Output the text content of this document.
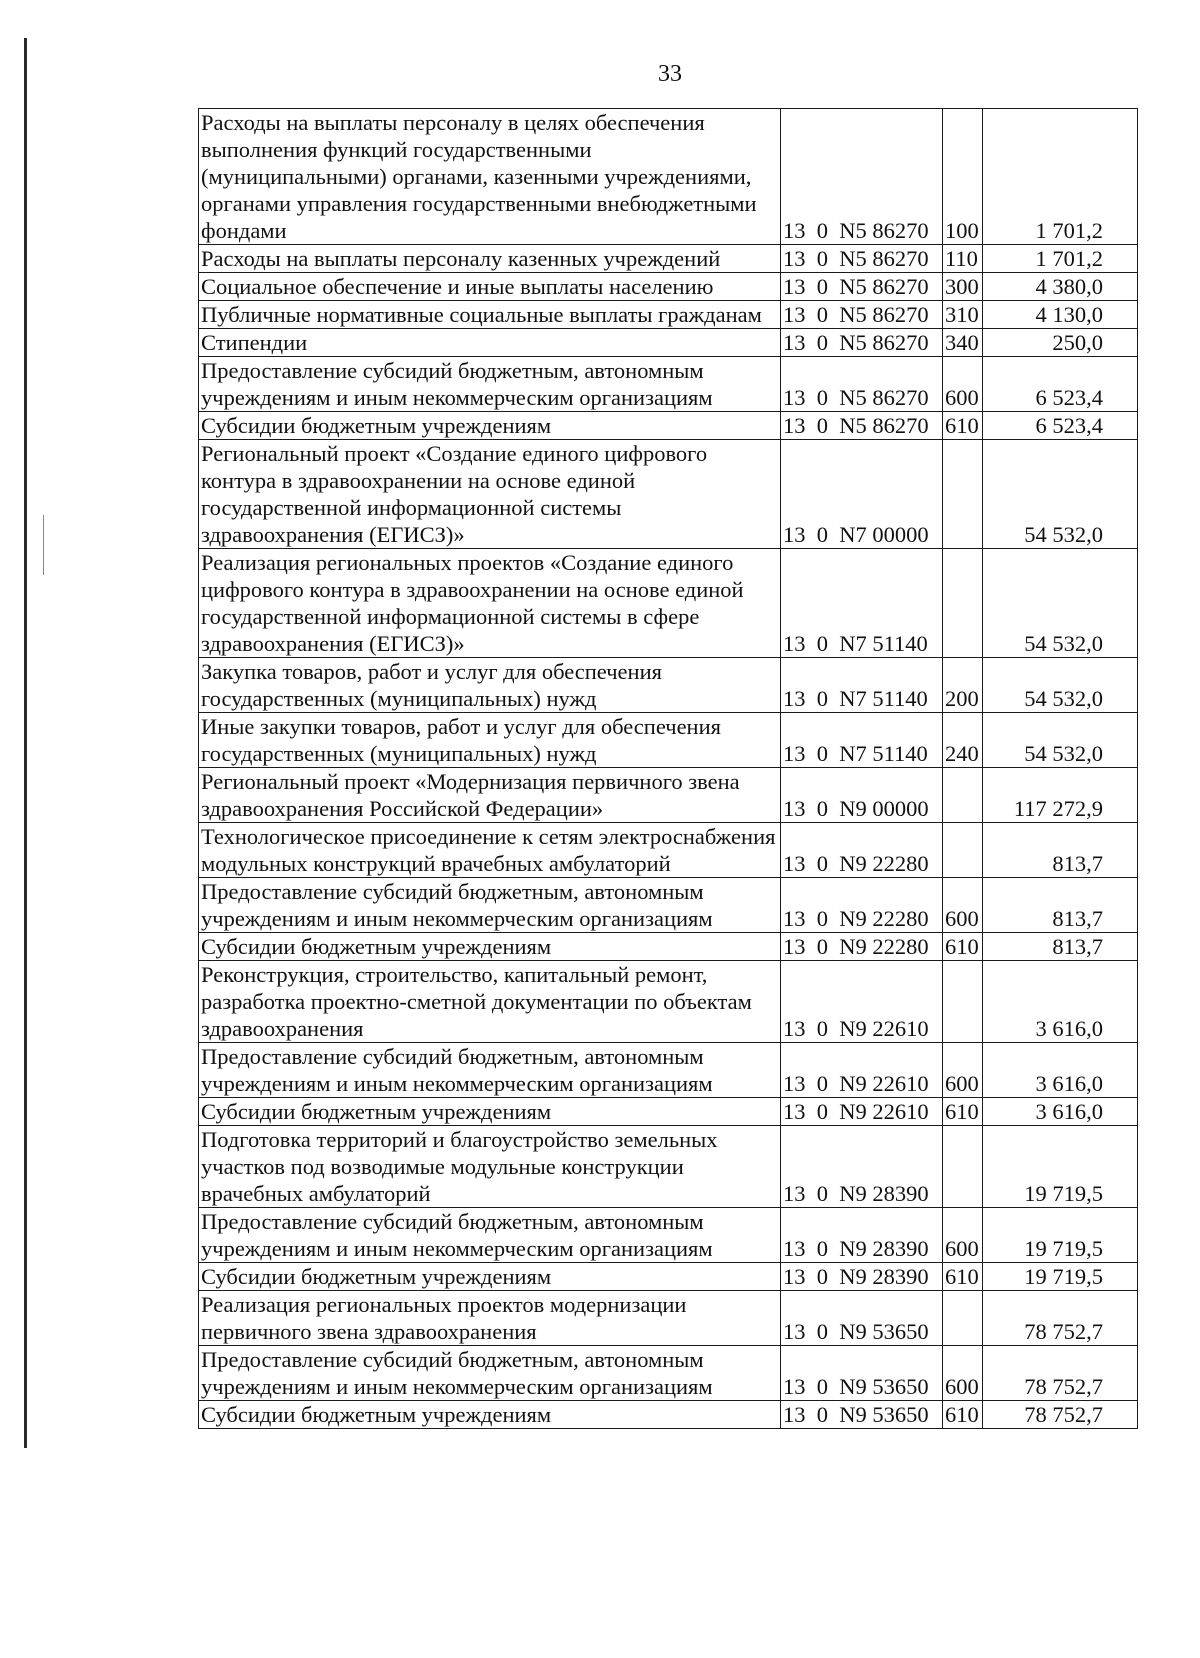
33
Расходы на выплаты персоналу в целях обеспечения выполнения функций государственными (муниципальными) органами, казенными учреждениями, органами управления государственными внебюджетными фондами	13  0  N5 86270	100	1 701,2
Расходы на выплаты персоналу казенных учреждений	13  0  N5 86270	110	1 701,2
Социальное обеспечение и иные выплаты населению	13  0  N5 86270	300	4 380,0
Публичные нормативные социальные выплаты гражданам	13  0  N5 86270	310	4 130,0
Стипендии	13  0  N5 86270	340	250,0
Предоставление субсидий бюджетным, автономным учреждениям и иным некоммерческим организациям	13  0  N5 86270	600	6 523,4
Субсидии бюджетным учреждениям	13  0  N5 86270	610	6 523,4
Региональный проект «Создание единого цифрового контура в здравоохранении на основе единой государственной информационной системы здравоохранения (ЕГИСЗ)»	13  0  N7 00000		54 532,0
Реализация региональных проектов «Создание единого цифрового контура в здравоохранении на основе единой государственной информационной системы в сфере здравоохранения (ЕГИСЗ)»	13  0  N7 51140		54 532,0
Закупка товаров, работ и услуг для обеспечения государственных (муниципальных) нужд	13  0  N7 51140	200	54 532,0
Иные закупки товаров, работ и услуг для обеспечения государственных (муниципальных) нужд	13  0  N7 51140	240	54 532,0
Региональный проект «Модернизация первичного звена здравоохранения Российской Федерации»	13  0  N9 00000		117 272,9
Технологическое присоединение к сетям электроснабжения модульных конструкций врачебных амбулаторий	13  0  N9 22280		813,7
Предоставление субсидий бюджетным, автономным учреждениям и иным некоммерческим организациям	13  0  N9 22280	600	813,7
Субсидии бюджетным учреждениям	13  0  N9 22280	610	813,7
Реконструкция, строительство, капитальный ремонт, разработка проектно-сметной документации по объектам здравоохранения	13  0  N9 22610		3 616,0
Предоставление субсидий бюджетным, автономным учреждениям и иным некоммерческим организациям	13  0  N9 22610	600	3 616,0
Субсидии бюджетным учреждениям	13  0  N9 22610	610	3 616,0
Подготовка территорий и благоустройство земельных участков под возводимые модульные конструкции врачебных амбулаторий	13  0  N9 28390		19 719,5
Предоставление субсидий бюджетным, автономным учреждениям и иным некоммерческим организациям	13  0  N9 28390	600	19 719,5
Субсидии бюджетным учреждениям	13  0  N9 28390	610	19 719,5
Реализация региональных проектов модернизации первичного звена здравоохранения	13  0  N9 53650		78 752,7
Предоставление субсидий бюджетным, автономным учреждениям и иным некоммерческим организациям	13  0  N9 53650	600	78 752,7
Субсидии бюджетным учреждениям	13  0  N9 53650	610	78 752,7
